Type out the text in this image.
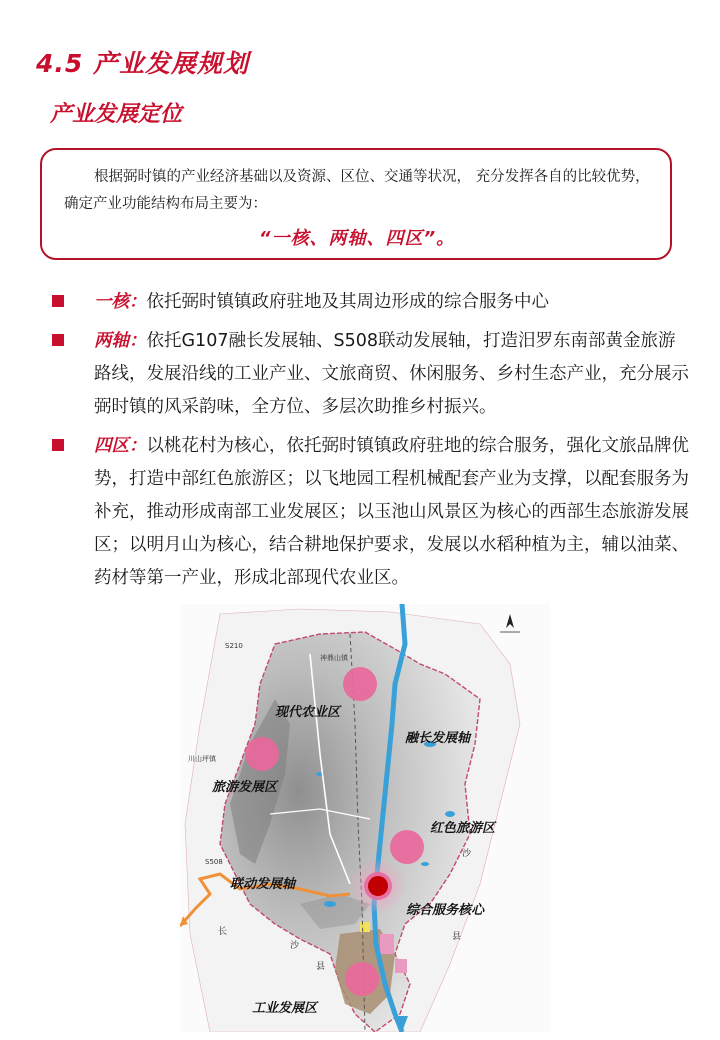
4.5 产业发展规划
产业发展定位

根据弼时镇的产业经济基础以及资源、区位、交通等状况， 充分发挥各自的比较优势，确定产业功能结构布局主要为：

“一核、两轴、四区”。

一核：依托弼时镇镇政府驻地及其周边形成的综合服务中心

两轴：依托G107融长发展轴、S508联动发展轴，打造汨罗东南部黄金旅游路线，发展沿线的工业产业、文旅商贸、休闲服务、乡村生态产业，充分展示弼时镇的风采韵味，全方位、多层次助推乡村振兴。

四区：以桃花村为核心，依托弼时镇镇政府驻地的综合服务，强化文旅品牌优势，打造中部红色旅游区；以飞地园工程机械配套产业为支撑，以配套服务为补充，推动形成南部工业发展区；以玉池山风景区为核心的西部生态旅游发展区；以明月山为核心，结合耕地保护要求，发展以水稻种植为主，辅以油菜、药材等第一产业，形成北部现代农业区。

神鼎山镇
川山坪镇
S210
S508
长
沙
县
沙
县
现代农业区
旅游发展区
融长发展轴
红色旅游区
联动发展轴
综合服务核心
工业发展区
